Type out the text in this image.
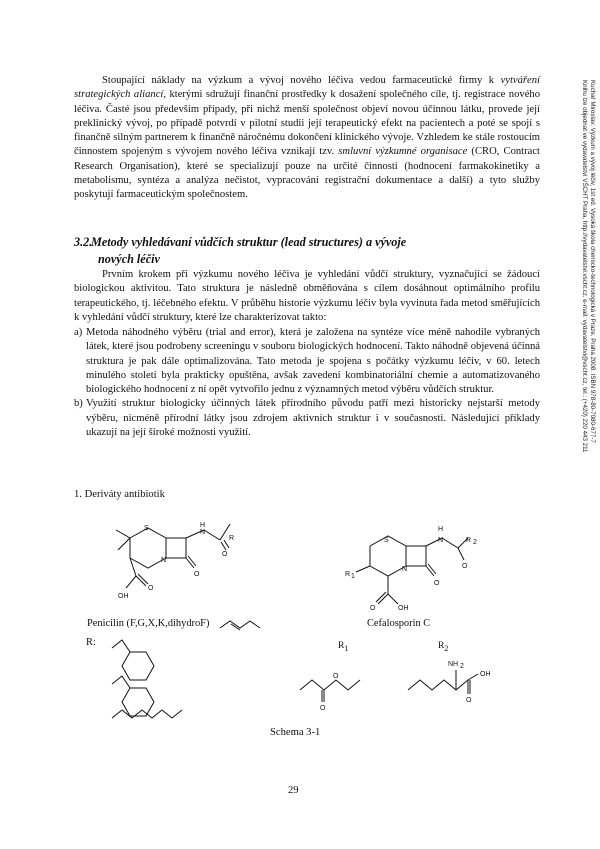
Stoupající náklady na výzkum a vývoj nového léčiva vedou farmaceutické firmy k vytváření strategických aliancí, kterými sdružují finanční prostředky k dosažení společného cíle, tj. registrace nového léčiva. Časté jsou především případy, při nichž menší společnost objeví novou účinnou látku, provede její preklinický vývoj, po případě potvrdí v pilotní studii její terapeutický efekt na pacientech a poté se spojí s finančně silným partnerem k finančně náročnému dokončení klinického vývoje. Vzhledem ke stále rostoucím činnostem spojeným s vývojem nového léčiva vznikají tzv. smluvní výzkumné organisace (CRO, Contract Research Organisation), které se specializují pouze na určité činnosti (hodnocení farmakokinetiky a metabolismu, syntéza a analýza nečistot, vypracování registrační dokumentace a další) a tyto služby poskytují farmaceutickým společnostem.

3.2. Metody vyhledávaní vůdčích struktur (lead structures) a vývoje
nových léčiv

Prvním krokem při výzkumu nového léčiva je vyhledání vůdčí struktury, vyznačující se žádoucí biologickou aktivitou. Tato struktura je následně obměňována s cílem dosáhnout optimálního profilu terapeutického, tj. léčebného efektu. V průběhu historie výzkumu léčiv byla vyvinuta řada metod směřujících k vyhledání vůdčí struktury, které lze charakterizovat takto:

a) Metoda náhodného výběru (trial and error), která je založena na syntéze více méně nahodile vybraných látek, které jsou podrobeny screeningu v souboru biologických hodnocení. Takto náhodně objevená účinná struktura je pak dále optimalizována. Tato metoda je spojena s počátky výzkumu léčiv, v 60. letech minulého století byla prakticky opuštěna, avšak zavedení kombinatoriální chemie a automatizovaného biologického hodnocení z ní opět vytvořilo jednu z významných metod výběru vůdčích struktur.
b) Využití struktur biologicky účinných látek přírodního původu patří mezi historicky nejstarší metody výběru, nicméně přírodní látky jsou zdrojem aktivních struktur i v současnosti. Následující příklady ukazují na její široké možnosti využití.

1. Deriváty antibiotik

S
N
H
N
R
O
O
O
OH
S
N
H
N	R 2
O
O
R 1
O	OH
O
O
NH 2
O
OH

Penicilin (F,G,X,K,dihydroF)	Cefalosporin C

R:	$R_1$	$R_2$

Schema 3-1

29

Kuchař Miroslav: Výzkum a vývoj léčiv, 1st ed. Vysoká škola chemicko-technologická v Praze, Praha 2008. ISBN 978-80-7080-677-7
Knihu lze objednat ve vydavatelství VŠCHT Praha, http://vydavatelstvi.vscht.cz, e-mail: vydavatelstvi@vscht.cz, tel.: (+420) 220 443 211
